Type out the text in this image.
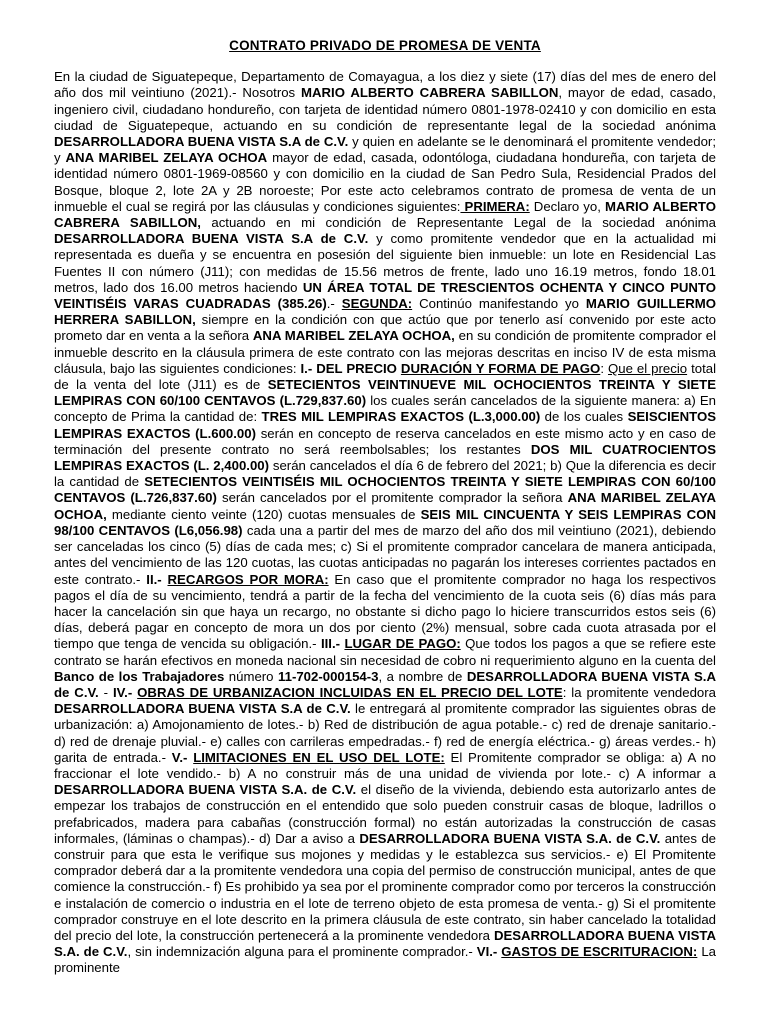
CONTRATO PRIVADO DE PROMESA DE VENTA

En la ciudad de Siguatepeque, Departamento de Comayagua, a los diez y siete (17) días del mes de enero del año dos mil veintiuno (2021).- Nosotros MARIO ALBERTO CABRERA SABILLON, mayor de edad, casado, ingeniero civil, ciudadano hondureño, con tarjeta de identidad número 0801-1978-02410 y con domicilio en esta ciudad de Siguatepeque, actuando en su condición de representante legal de la sociedad anónima DESARROLLADORA BUENA VISTA S.A de C.V. y quien en adelante se le denominará el promitente vendedor; y ANA MARIBEL ZELAYA OCHOA mayor de edad, casada, odontóloga, ciudadana hondureña, con tarjeta de identidad número 0801-1969-08560 y con domicilio en la ciudad de San Pedro Sula, Residencial Prados del Bosque, bloque 2, lote 2A y 2B noroeste; Por este acto celebramos contrato de promesa de venta de un inmueble el cual se regirá por las cláusulas y condiciones siguientes: PRIMERA: Declaro yo, MARIO ALBERTO CABRERA SABILLON, actuando en mi condición de Representante Legal de la sociedad anónima DESARROLLADORA BUENA VISTA S.A de C.V. y como promitente vendedor que en la actualidad mi representada es dueña y se encuentra en posesión del siguiente bien inmueble: un lote en Residencial Las Fuentes II con número (J11); con medidas de 15.56 metros de frente, lado uno 16.19 metros, fondo 18.01 metros, lado dos 16.00 metros haciendo UN ÁREA TOTAL DE TRESCIENTOS OCHENTA Y CINCO PUNTO VEINTISÉIS VARAS CUADRADAS (385.26).- SEGUNDA: Continúo manifestando yo MARIO GUILLERMO HERRERA SABILLON, siempre en la condición con que actúo que por tenerlo así convenido por este acto prometo dar en venta a la señora ANA MARIBEL ZELAYA OCHOA, en su condición de promitente comprador el inmueble descrito en la cláusula primera de este contrato con las mejoras descritas en inciso IV de esta misma cláusula, bajo las siguientes condiciones: I.- DEL PRECIO DURACIÓN Y FORMA DE PAGO: Que el precio total de la venta del lote (J11) es de SETECIENTOS VEINTINUEVE MIL OCHOCIENTOS TREINTA Y SIETE LEMPIRAS CON 60/100 CENTAVOS (L.729,837.60) los cuales serán cancelados de la siguiente manera: a) En concepto de Prima la cantidad de: TRES MIL LEMPIRAS EXACTOS (L.3,000.00) de los cuales SEISCIENTOS LEMPIRAS EXACTOS (L.600.00) serán en concepto de reserva cancelados en este mismo acto y en caso de terminación del presente contrato no será reembolsables; los restantes DOS MIL CUATROCIENTOS LEMPIRAS EXACTOS (L. 2,400.00) serán cancelados el día 6 de febrero del 2021; b) Que la diferencia es decir la cantidad de SETECIENTOS VEINTISÉIS MIL OCHOCIENTOS TREINTA Y SIETE LEMPIRAS CON 60/100 CENTAVOS (L.726,837.60) serán cancelados por el promitente comprador la señora ANA MARIBEL ZELAYA OCHOA, mediante ciento veinte (120) cuotas mensuales de SEIS MIL CINCUENTA Y SEIS LEMPIRAS CON 98/100 CENTAVOS (L6,056.98) cada una a partir del mes de marzo del año dos mil veintiuno (2021), debiendo ser canceladas los cinco (5) días de cada mes; c) Si el promitente comprador cancelara de manera anticipada, antes del vencimiento de las 120 cuotas, las cuotas anticipadas no pagarán los intereses corrientes pactados en este contrato.- II.- RECARGOS POR MORA: En caso que el promitente comprador no haga los respectivos pagos el día de su vencimiento, tendrá a partir de la fecha del vencimiento de la cuota seis (6) días más para hacer la cancelación sin que haya un recargo, no obstante si dicho pago lo hiciere transcurridos estos seis (6) días, deberá pagar en concepto de mora un dos por ciento (2%) mensual, sobre cada cuota atrasada por el tiempo que tenga de vencida su obligación.- III.- LUGAR DE PAGO: Que todos los pagos a que se refiere este contrato se harán efectivos en moneda nacional sin necesidad de cobro ni requerimiento alguno en la cuenta del Banco de los Trabajadores número 11-702-000154-3, a nombre de DESARROLLADORA BUENA VISTA S.A de C.V. - IV.- OBRAS DE URBANIZACION INCLUIDAS EN EL PRECIO DEL LOTE: la promitente vendedora DESARROLLADORA BUENA VISTA S.A de C.V. le entregará al promitente comprador las siguientes obras de urbanización: a) Amojonamiento de lotes.- b) Red de distribución de agua potable.- c) red de drenaje sanitario.- d) red de drenaje pluvial.- e) calles con carrileras empedradas.- f) red de energía eléctrica.- g) áreas verdes.- h) garita de entrada.- V.- LIMITACIONES EN EL USO DEL LOTE: El Promitente comprador se obliga: a) A no fraccionar el lote vendido.- b) A no construir más de una unidad de vivienda por lote.- c) A informar a DESARROLLADORA BUENA VISTA S.A. de C.V. el diseño de la vivienda, debiendo esta autorizarlo antes de empezar los trabajos de construcción en el entendido que solo pueden construir casas de bloque, ladrillos o prefabricados, madera para cabañas (construcción formal) no están autorizadas la construcción de casas informales, (láminas o champas).- d) Dar a aviso a DESARROLLADORA BUENA VISTA S.A. de C.V. antes de construir para que esta le verifique sus mojones y medidas y le establezca sus servicios.- e) El Promitente comprador deberá dar a la promitente vendedora una copia del permiso de construcción municipal, antes de que comience la construcción.- f) Es prohibido ya sea por el prominente comprador como por terceros la construcción e instalación de comercio o industria en el lote de terreno objeto de esta promesa de venta.- g) Si el promitente comprador construye en el lote descrito en la primera cláusula de este contrato, sin haber cancelado la totalidad del precio del lote, la construcción pertenecerá a la prominente vendedora DESARROLLADORA BUENA VISTA S.A. de C.V., sin indemnización alguna para el prominente comprador.- VI.- GASTOS DE ESCRITURACION: La prominente
